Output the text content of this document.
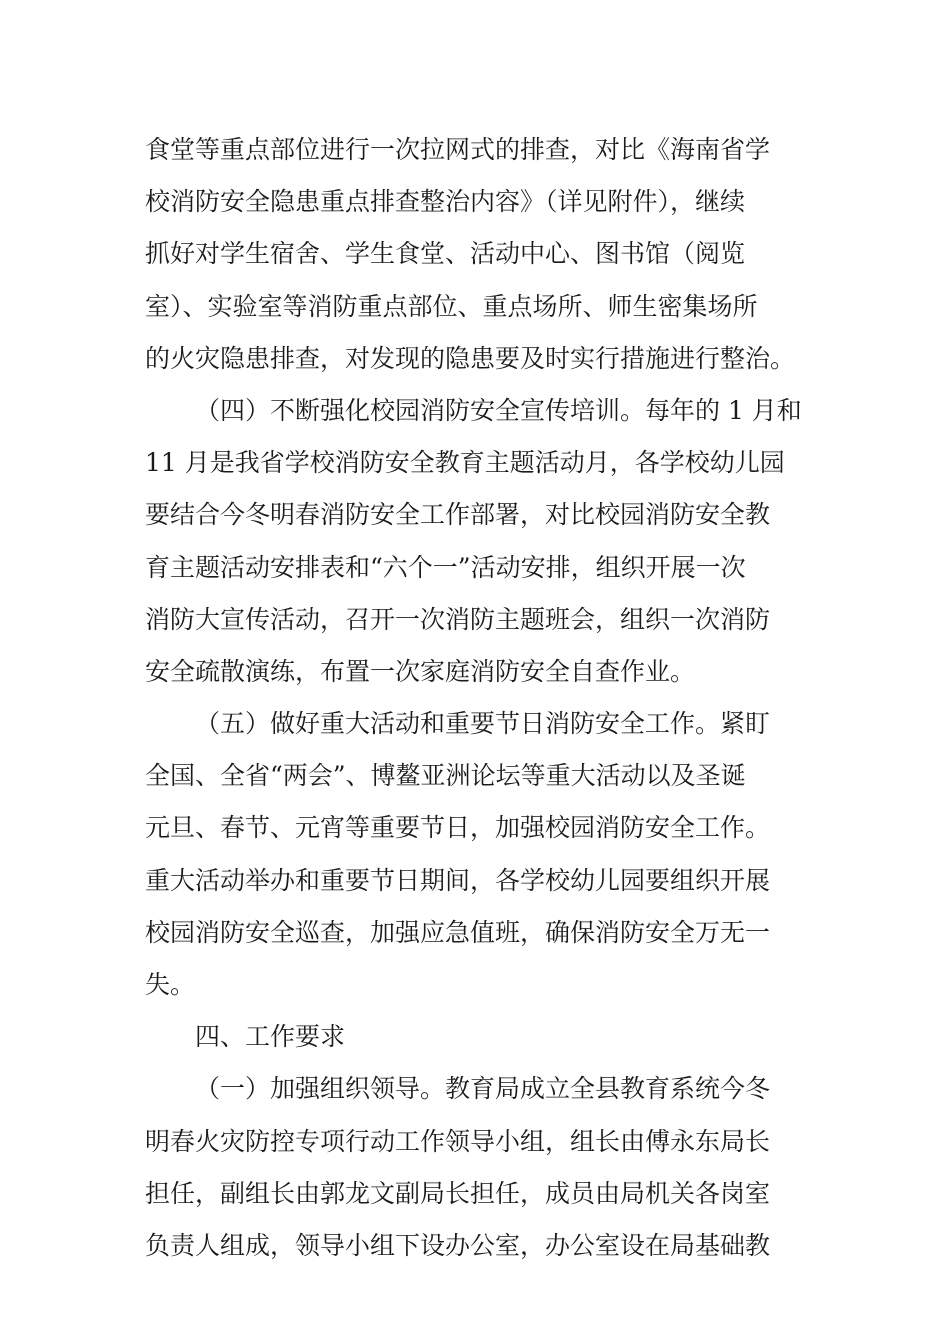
食堂等重点部位进行一次拉网式的排查，对比《海南省学
校消防安全隐患重点排查整治内容》（详见附件），继续
抓好对学生宿舍、学生食堂、活动中心、图书馆（阅览
室）、实验室等消防重点部位、重点场所、师生密集场所
的火灾隐患排查，对发现的隐患要及时实行措施进行整治。
（四）不断强化校园消防安全宣传培训。每年的 1 月和
11 月是我省学校消防安全教育主题活动月，各学校幼儿园
要结合今冬明春消防安全工作部署，对比校园消防安全教
育主题活动安排表和“六个一”活动安排，组织开展一次
消防大宣传活动，召开一次消防主题班会，组织一次消防
安全疏散演练，布置一次家庭消防安全自查作业。
（五）做好重大活动和重要节日消防安全工作。紧盯
全国、全省“两会”、博鳌亚洲论坛等重大活动以及圣诞
元旦、春节、元宵等重要节日，加强校园消防安全工作。
重大活动举办和重要节日期间，各学校幼儿园要组织开展
校园消防安全巡查，加强应急值班，确保消防安全万无一
失。
四、工作要求
（一）加强组织领导。教育局成立全县教育系统今冬
明春火灾防控专项行动工作领导小组，组长由傅永东局长
担任，副组长由郭龙文副局长担任，成员由局机关各岗室
负责人组成，领导小组下设办公室，办公室设在局基础教
